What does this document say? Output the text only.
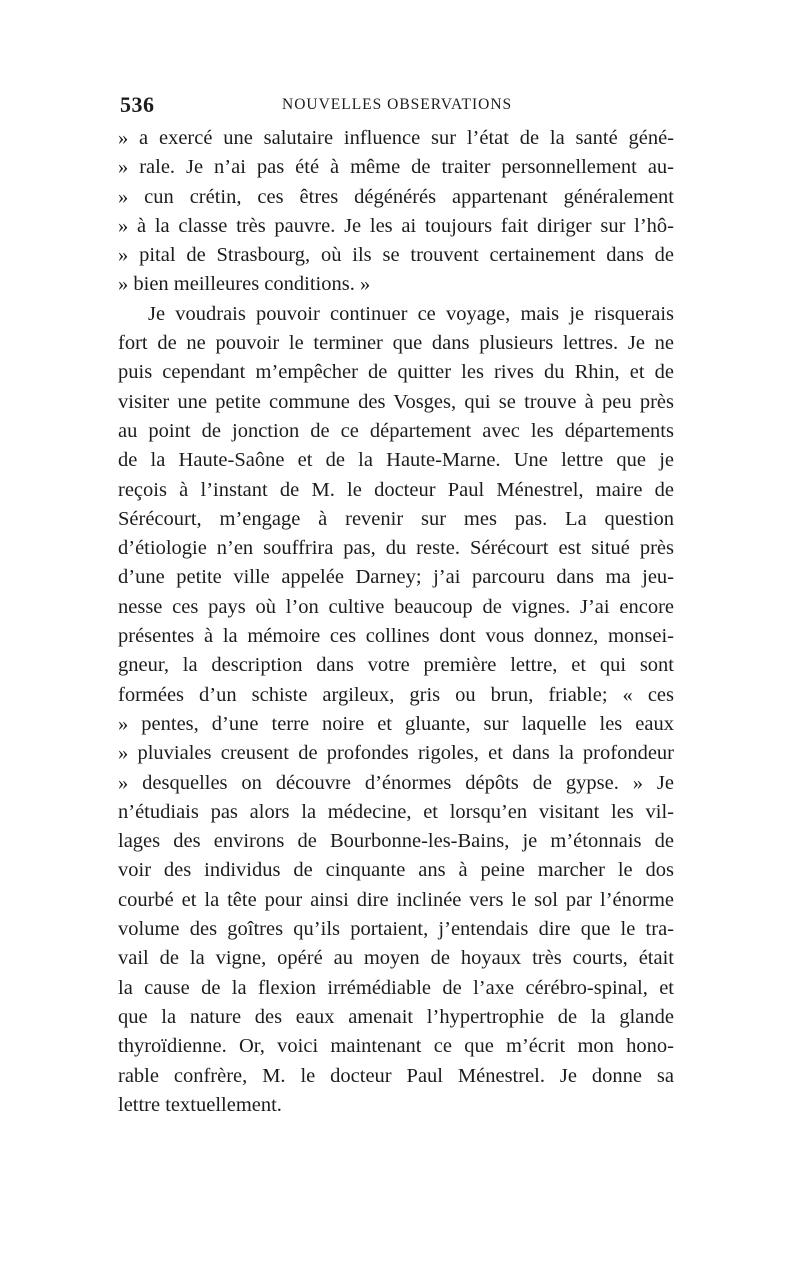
536	NOUVELLES OBSERVATIONS
» a exercé une salutaire influence sur l’état de la santé géné-
» rale. Je n’ai pas été à même de traiter personnellement au-
» cun crétin, ces êtres dégénérés appartenant généralement
» à la classe très pauvre. Je les ai toujours fait diriger sur l’hô-
» pital de Strasbourg, où ils se trouvent certainement dans de
» bien meilleures conditions. »
Je voudrais pouvoir continuer ce voyage, mais je risquerais
fort de ne pouvoir le terminer que dans plusieurs lettres. Je ne
puis cependant m’empêcher de quitter les rives du Rhin, et de
visiter une petite commune des Vosges, qui se trouve à peu près
au point de jonction de ce département avec les départements
de la Haute-Saône et de la Haute-Marne. Une lettre que je
reçois à l’instant de M. le docteur Paul Ménestrel, maire de
Sérécourt, m’engage à revenir sur mes pas. La question
d’étiologie n’en souffrira pas, du reste. Sérécourt est situé près
d’une petite ville appelée Darney; j’ai parcouru dans ma jeu-
nesse ces pays où l’on cultive beaucoup de vignes. J’ai encore
présentes à la mémoire ces collines dont vous donnez, monsei-
gneur, la description dans votre première lettre, et qui sont
formées d’un schiste argileux, gris ou brun, friable; « ces
» pentes, d’une terre noire et gluante, sur laquelle les eaux
» pluviales creusent de profondes rigoles, et dans la profondeur
» desquelles on découvre d’énormes dépôts de gypse. » Je
n’étudiais pas alors la médecine, et lorsqu’en visitant les vil-
lages des environs de Bourbonne-les-Bains, je m’étonnais de
voir des individus de cinquante ans à peine marcher le dos
courbé et la tête pour ainsi dire inclinée vers le sol par l’énorme
volume des goîtres qu’ils portaient, j’entendais dire que le tra-
vail de la vigne, opéré au moyen de hoyaux très courts, était
la cause de la flexion irrémédiable de l’axe cérébro-spinal, et
que la nature des eaux amenait l’hypertrophie de la glande
thyroïdienne. Or, voici maintenant ce que m’écrit mon hono-
rable confrère, M. le docteur Paul Ménestrel. Je donne sa
lettre textuellement.
